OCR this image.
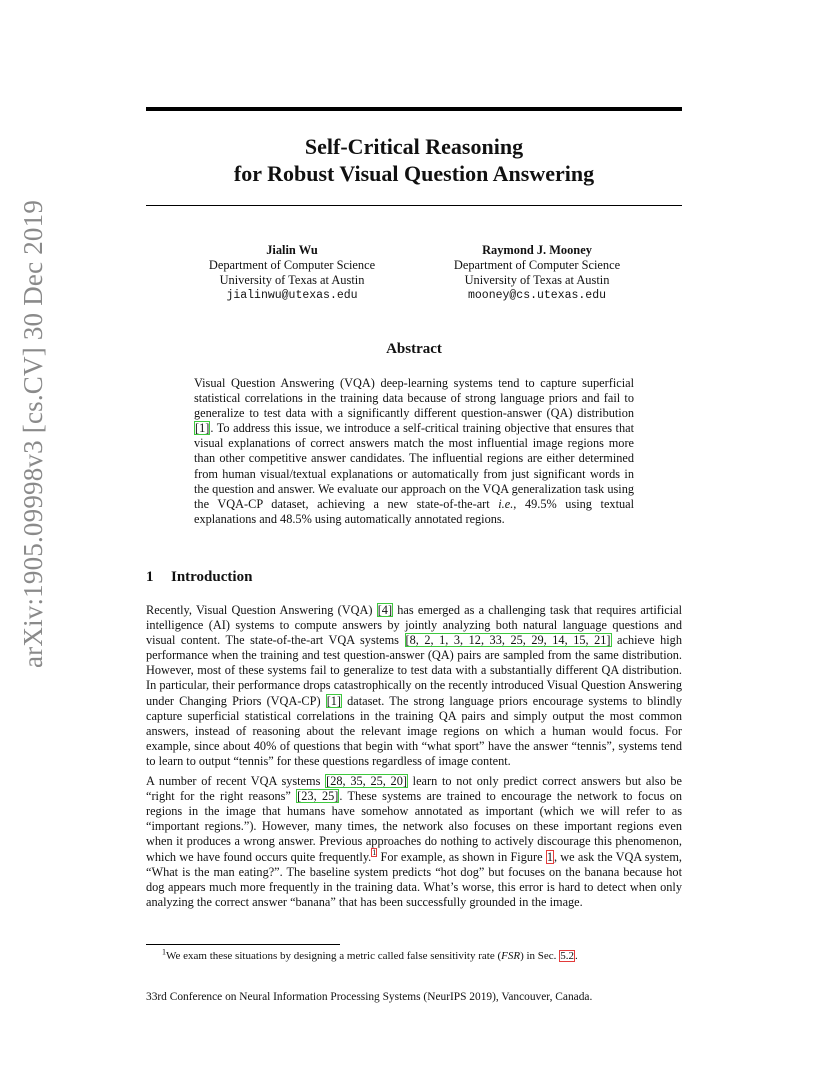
arXiv:1905.09998v3 [cs.CV] 30 Dec 2019
Self-Critical Reasoning
for Robust Visual Question Answering
Jialin Wu
Department of Computer Science
University of Texas at Austin
jialinwu@utexas.edu
Raymond J. Mooney
Department of Computer Science
University of Texas at Austin
mooney@cs.utexas.edu
Abstract
Visual Question Answering (VQA) deep-learning systems tend to capture superficial statistical correlations in the training data because of strong language priors and fail to generalize to test data with a significantly different question-answer (QA) distribution [1]. To address this issue, we introduce a self-critical training objective that ensures that visual explanations of correct answers match the most influential image regions more than other competitive answer candidates. The influential regions are either determined from human visual/textual explanations or automatically from just significant words in the question and answer. We evaluate our approach on the VQA generalization task using the VQA-CP dataset, achieving a new state-of-the-art i.e., 49.5% using textual explanations and 48.5% using automatically annotated regions.
1 Introduction

Recently, Visual Question Answering (VQA) [4] has emerged as a challenging task that requires artificial intelligence (AI) systems to compute answers by jointly analyzing both natural language questions and visual content. The state-of-the-art VQA systems [8, 2, 1, 3, 12, 33, 25, 29, 14, 15, 21] achieve high performance when the training and test question-answer (QA) pairs are sampled from the same distribution. However, most of these systems fail to generalize to test data with a substantially different QA distribution. In particular, their performance drops catastrophically on the recently introduced Visual Question Answering under Changing Priors (VQA-CP) [1] dataset. The strong language priors encourage systems to blindly capture superficial statistical correlations in the training QA pairs and simply output the most common answers, instead of reasoning about the relevant image regions on which a human would focus. For example, since about 40% of questions that begin with “what sport” have the answer “tennis”, systems tend to learn to output “tennis” for these questions regardless of image content.

A number of recent VQA systems [28, 35, 25, 20] learn to not only predict correct answers but also be “right for the right reasons” [23, 25]. These systems are trained to encourage the network to focus on regions in the image that humans have somehow annotated as important (which we will refer to as “important regions.”). However, many times, the network also focuses on these important regions even when it produces a wrong answer. Previous approaches do nothing to actively discourage this phenomenon, which we have found occurs quite frequently.$^1$ For example, as shown in Figure 1, we ask the VQA system, “What is the man eating?”. The baseline system predicts “hot dog” but focuses on the banana because hot dog appears much more frequently in the training data. What’s worse, this error is hard to detect when only analyzing the correct answer “banana” that has been successfully grounded in the image.

$^1$We exam these situations by designing a metric called false sensitivity rate (FSR) in Sec. 5.2.
33rd Conference on Neural Information Processing Systems (NeurIPS 2019), Vancouver, Canada.
